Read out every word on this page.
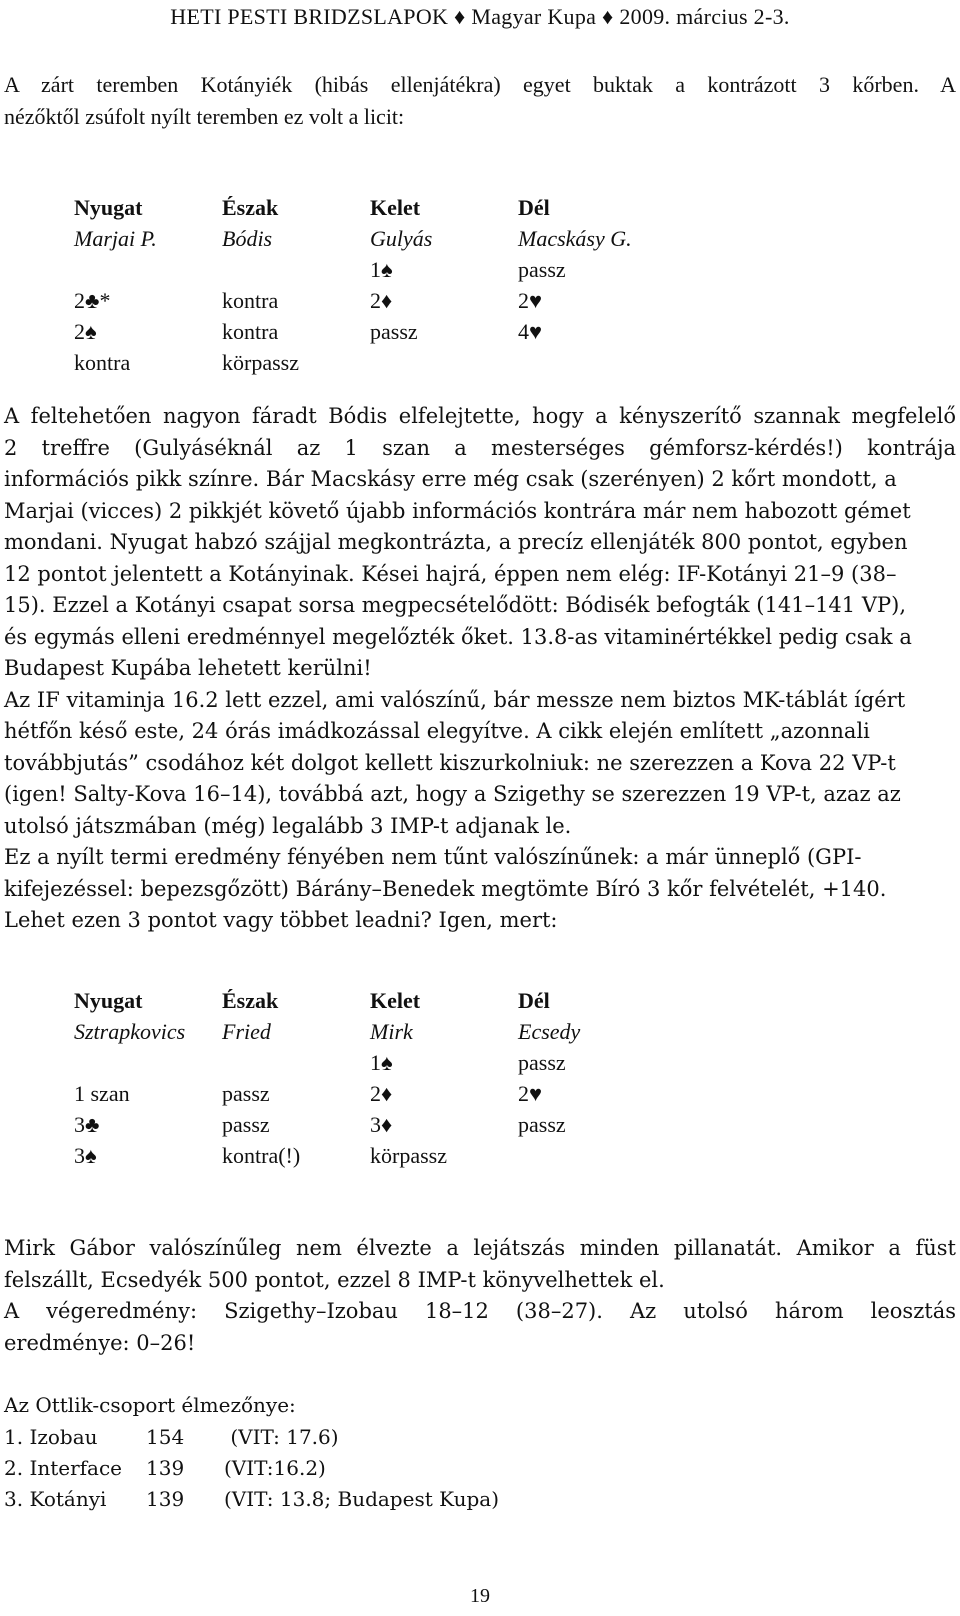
HETI PESTI BRIDZSLAPOK ♦ Magyar Kupa ♦ 2009. március 2-3.

A zárt teremben Kotányiék (hibás ellenjátékra) egyet buktak a kontrázott 3 kőrben. A
nézőktől zsúfolt nyílt teremben ez volt a licit:

Nyugat	Észak	Kelet	Dél
Marjai P.	Bódis	Gulyás	Macskásy G.
		1♠	passz
2♣*	kontra	2♦	2♥
2♠	kontra	passz	4♥
kontra	körpassz		
A feltehetően nagyon fáradt Bódis elfelejtette, hogy a kényszerítő szannak megfelelő
2 treffre (Gulyáséknál az 1 szan a mesterséges gémforsz-kérdés!) kontrája
információs pikk színre. Bár Macskásy erre még csak (szerényen) 2 kőrt mondott, a
Marjai (vicces) 2 pikkjét követő újabb információs kontrára már nem habozott gémet
mondani. Nyugat habzó szájjal megkontrázta, a precíz ellenjáték 800 pontot, egyben
12 pontot jelentett a Kotányinak. Kései hajrá, éppen nem elég: IF-Kotányi 21–9 (38–
15). Ezzel a Kotányi csapat sorsa megpecsételődött: Bódisék befogták (141–141 VP),
és egymás elleni eredménnyel megelőzték őket. 13.8-as vitaminértékkel pedig csak a
Budapest Kupába lehetett kerülni!
Az IF vitaminja 16.2 lett ezzel, ami valószínű, bár messze nem biztos MK-táblát ígért
hétfőn késő este, 24 órás imádkozással elegyítve. A cikk elején említett „azonnali
továbbjutás” csodához két dolgot kellett kiszurkolniuk: ne szerezzen a Kova 22 VP-t
(igen! Salty-Kova 16–14), továbbá azt, hogy a Szigethy se szerezzen 19 VP-t, azaz az
utolsó játszmában (még) legalább 3 IMP-t adjanak le.
Ez a nyílt termi eredmény fényében nem tűnt valószínűnek: a már ünneplő (GPI-
kifejezéssel: bepezsgőzött) Bárány–Benedek megtömte Bíró 3 kőr felvételét, +140.
Lehet ezen 3 pontot vagy többet leadni? Igen, mert:
Nyugat	Észak	Kelet	Dél
Sztrapkovics	Fried	Mirk	Ecsedy
		1♠	passz
1 szan	passz	2♦	2♥
3♣	passz	3♦	passz
3♠	kontra(!)	körpassz	
Mirk Gábor valószínűleg nem élvezte a lejátszás minden pillanatát. Amikor a füst
felszállt, Ecsedyék 500 pontot, ezzel 8 IMP-t könyvelhettek el.
A végeredmény: Szigethy–Izobau 18–12 (38–27). Az utolsó három leosztás
eredménye: 0–26!
Az Ottlik-csoport élmezőnye:
1. Izobau	154	(VIT: 17.6)
2. Interface	139	(VIT:16.2)
3. Kotányi	139	(VIT: 13.8; Budapest Kupa)
19
